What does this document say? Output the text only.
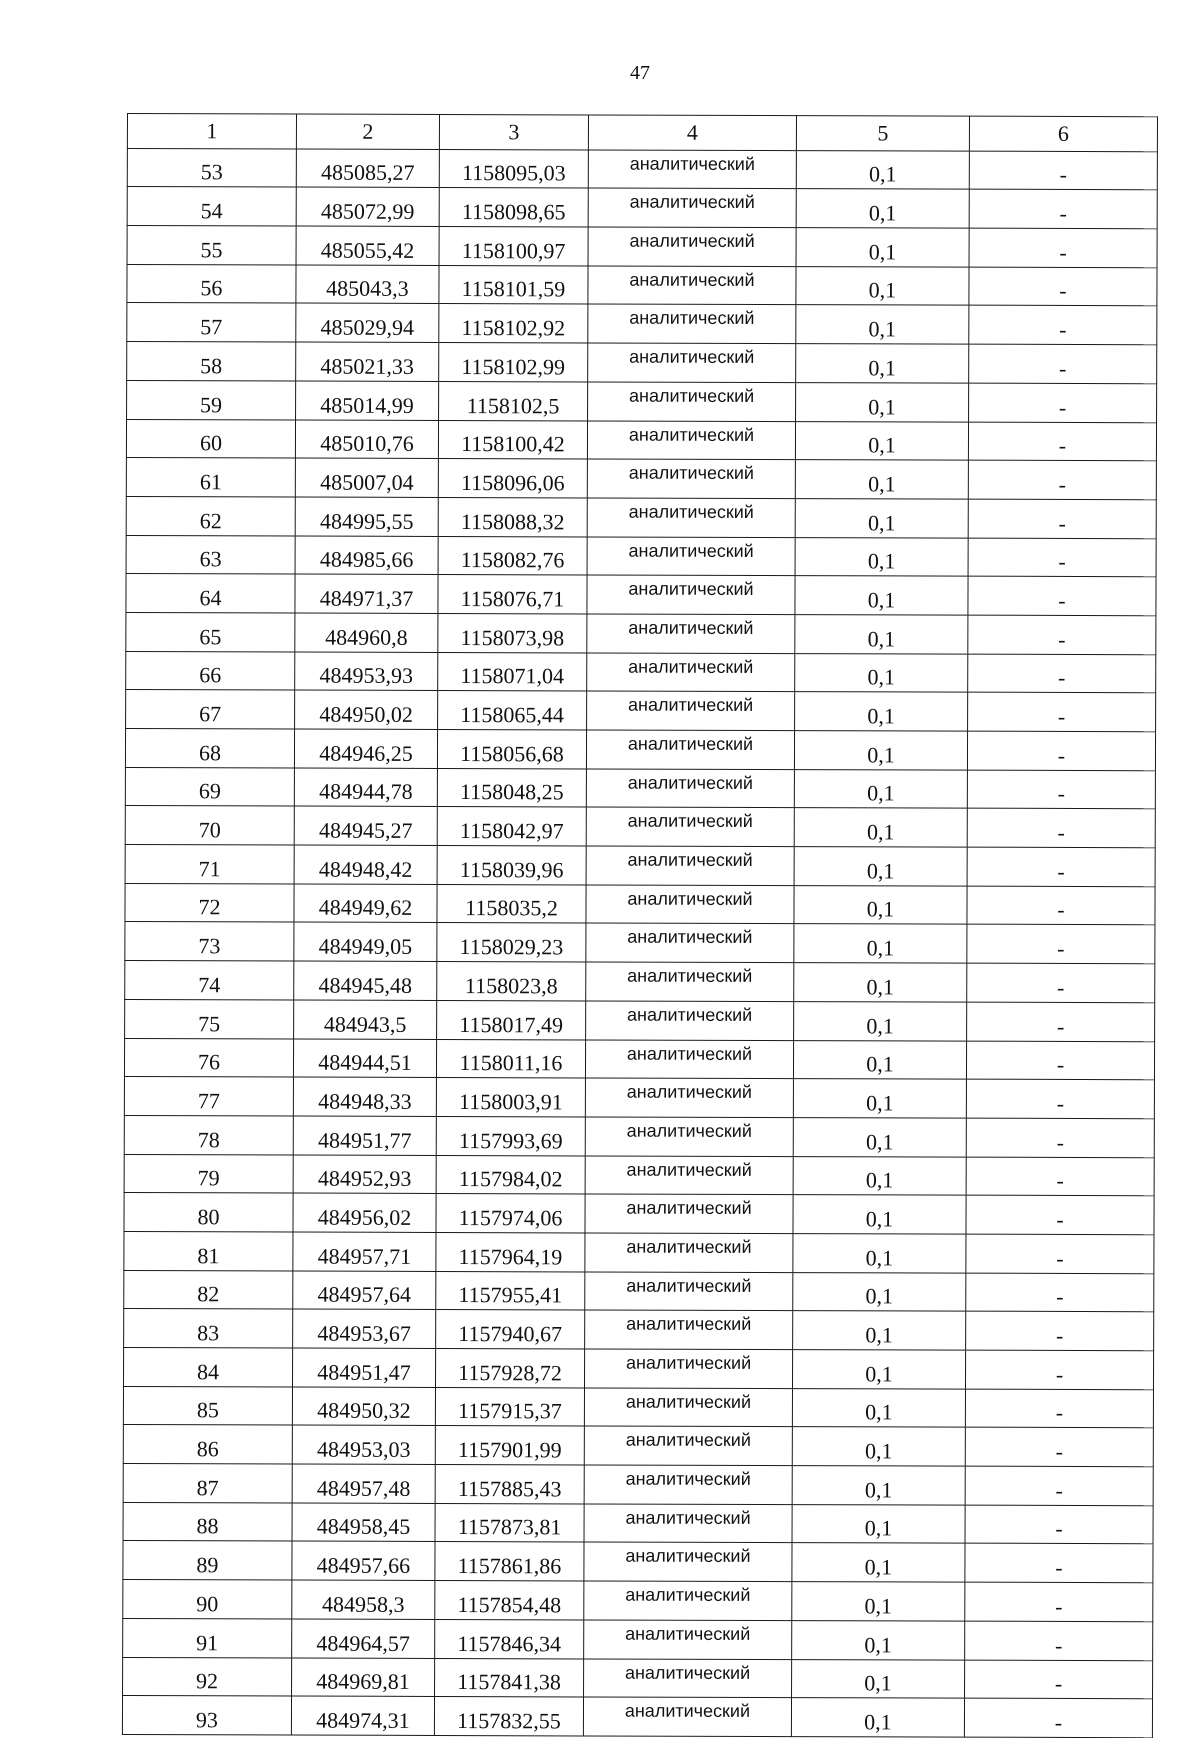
47
1	2	3	4	5	6
53	485085,27	1158095,03	аналитический	0,1	-
54	485072,99	1158098,65	аналитический	0,1	-
55	485055,42	1158100,97	аналитический	0,1	-
56	485043,3	1158101,59	аналитический	0,1	-
57	485029,94	1158102,92	аналитический	0,1	-
58	485021,33	1158102,99	аналитический	0,1	-
59	485014,99	1158102,5	аналитический	0,1	-
60	485010,76	1158100,42	аналитический	0,1	-
61	485007,04	1158096,06	аналитический	0,1	-
62	484995,55	1158088,32	аналитический	0,1	-
63	484985,66	1158082,76	аналитический	0,1	-
64	484971,37	1158076,71	аналитический	0,1	-
65	484960,8	1158073,98	аналитический	0,1	-
66	484953,93	1158071,04	аналитический	0,1	-
67	484950,02	1158065,44	аналитический	0,1	-
68	484946,25	1158056,68	аналитический	0,1	-
69	484944,78	1158048,25	аналитический	0,1	-
70	484945,27	1158042,97	аналитический	0,1	-
71	484948,42	1158039,96	аналитический	0,1	-
72	484949,62	1158035,2	аналитический	0,1	-
73	484949,05	1158029,23	аналитический	0,1	-
74	484945,48	1158023,8	аналитический	0,1	-
75	484943,5	1158017,49	аналитический	0,1	-
76	484944,51	1158011,16	аналитический	0,1	-
77	484948,33	1158003,91	аналитический	0,1	-
78	484951,77	1157993,69	аналитический	0,1	-
79	484952,93	1157984,02	аналитический	0,1	-
80	484956,02	1157974,06	аналитический	0,1	-
81	484957,71	1157964,19	аналитический	0,1	-
82	484957,64	1157955,41	аналитический	0,1	-
83	484953,67	1157940,67	аналитический	0,1	-
84	484951,47	1157928,72	аналитический	0,1	-
85	484950,32	1157915,37	аналитический	0,1	-
86	484953,03	1157901,99	аналитический	0,1	-
87	484957,48	1157885,43	аналитический	0,1	-
88	484958,45	1157873,81	аналитический	0,1	-
89	484957,66	1157861,86	аналитический	0,1	-
90	484958,3	1157854,48	аналитический	0,1	-
91	484964,57	1157846,34	аналитический	0,1	-
92	484969,81	1157841,38	аналитический	0,1	-
93	484974,31	1157832,55	аналитический	0,1	-
